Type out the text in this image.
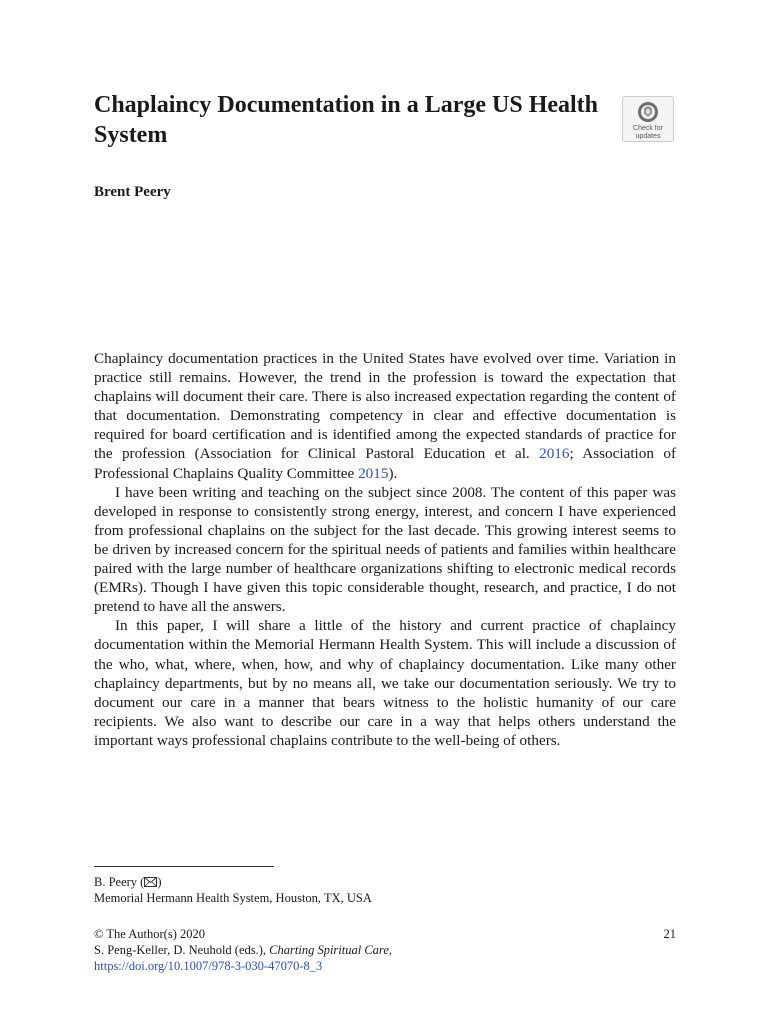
Chaplaincy Documentation in a Large US Health System	Check for
updates

Brent Peery

Chaplaincy documentation practices in the United States have evolved over time. Variation in practice still remains. However, the trend in the profession is toward the expectation that chaplains will document their care. There is also increased expectation regarding the content of that documentation. Demonstrating competency in clear and effective documentation is required for board certification and is identified among the expected standards of practice for the profession (Association for Clinical Pastoral Education et al. 2016; Association of Professional Chaplains Quality Committee 2015).

I have been writing and teaching on the subject since 2008. The content of this paper was developed in response to consistently strong energy, interest, and concern I have experienced from professional chaplains on the subject for the last decade. This growing interest seems to be driven by increased concern for the spiritual needs of patients and families within healthcare paired with the large number of healthcare organizations shifting to electronic medical records (EMRs). Though I have given this topic considerable thought, research, and practice, I do not pretend to have all the answers.

In this paper, I will share a little of the history and current practice of chaplaincy documentation within the Memorial Hermann Health System. This will include a discussion of the who, what, where, when, how, and why of chaplaincy documentation. Like many other chaplaincy departments, but by no means all, we take our documentation seriously. We try to document our care in a manner that bears witness to the holistic humanity of our care recipients. We also want to describe our care in a way that helps others understand the important ways professional chaplains contribute to the well-being of others.

B. Peery ( )
Memorial Hermann Health System, Houston, TX, USA
© The Author(s) 2020	21
S. Peng-Keller, D. Neuhold (eds.), Charting Spiritual Care,
https://doi.org/10.1007/978-3-030-47070-8_3
